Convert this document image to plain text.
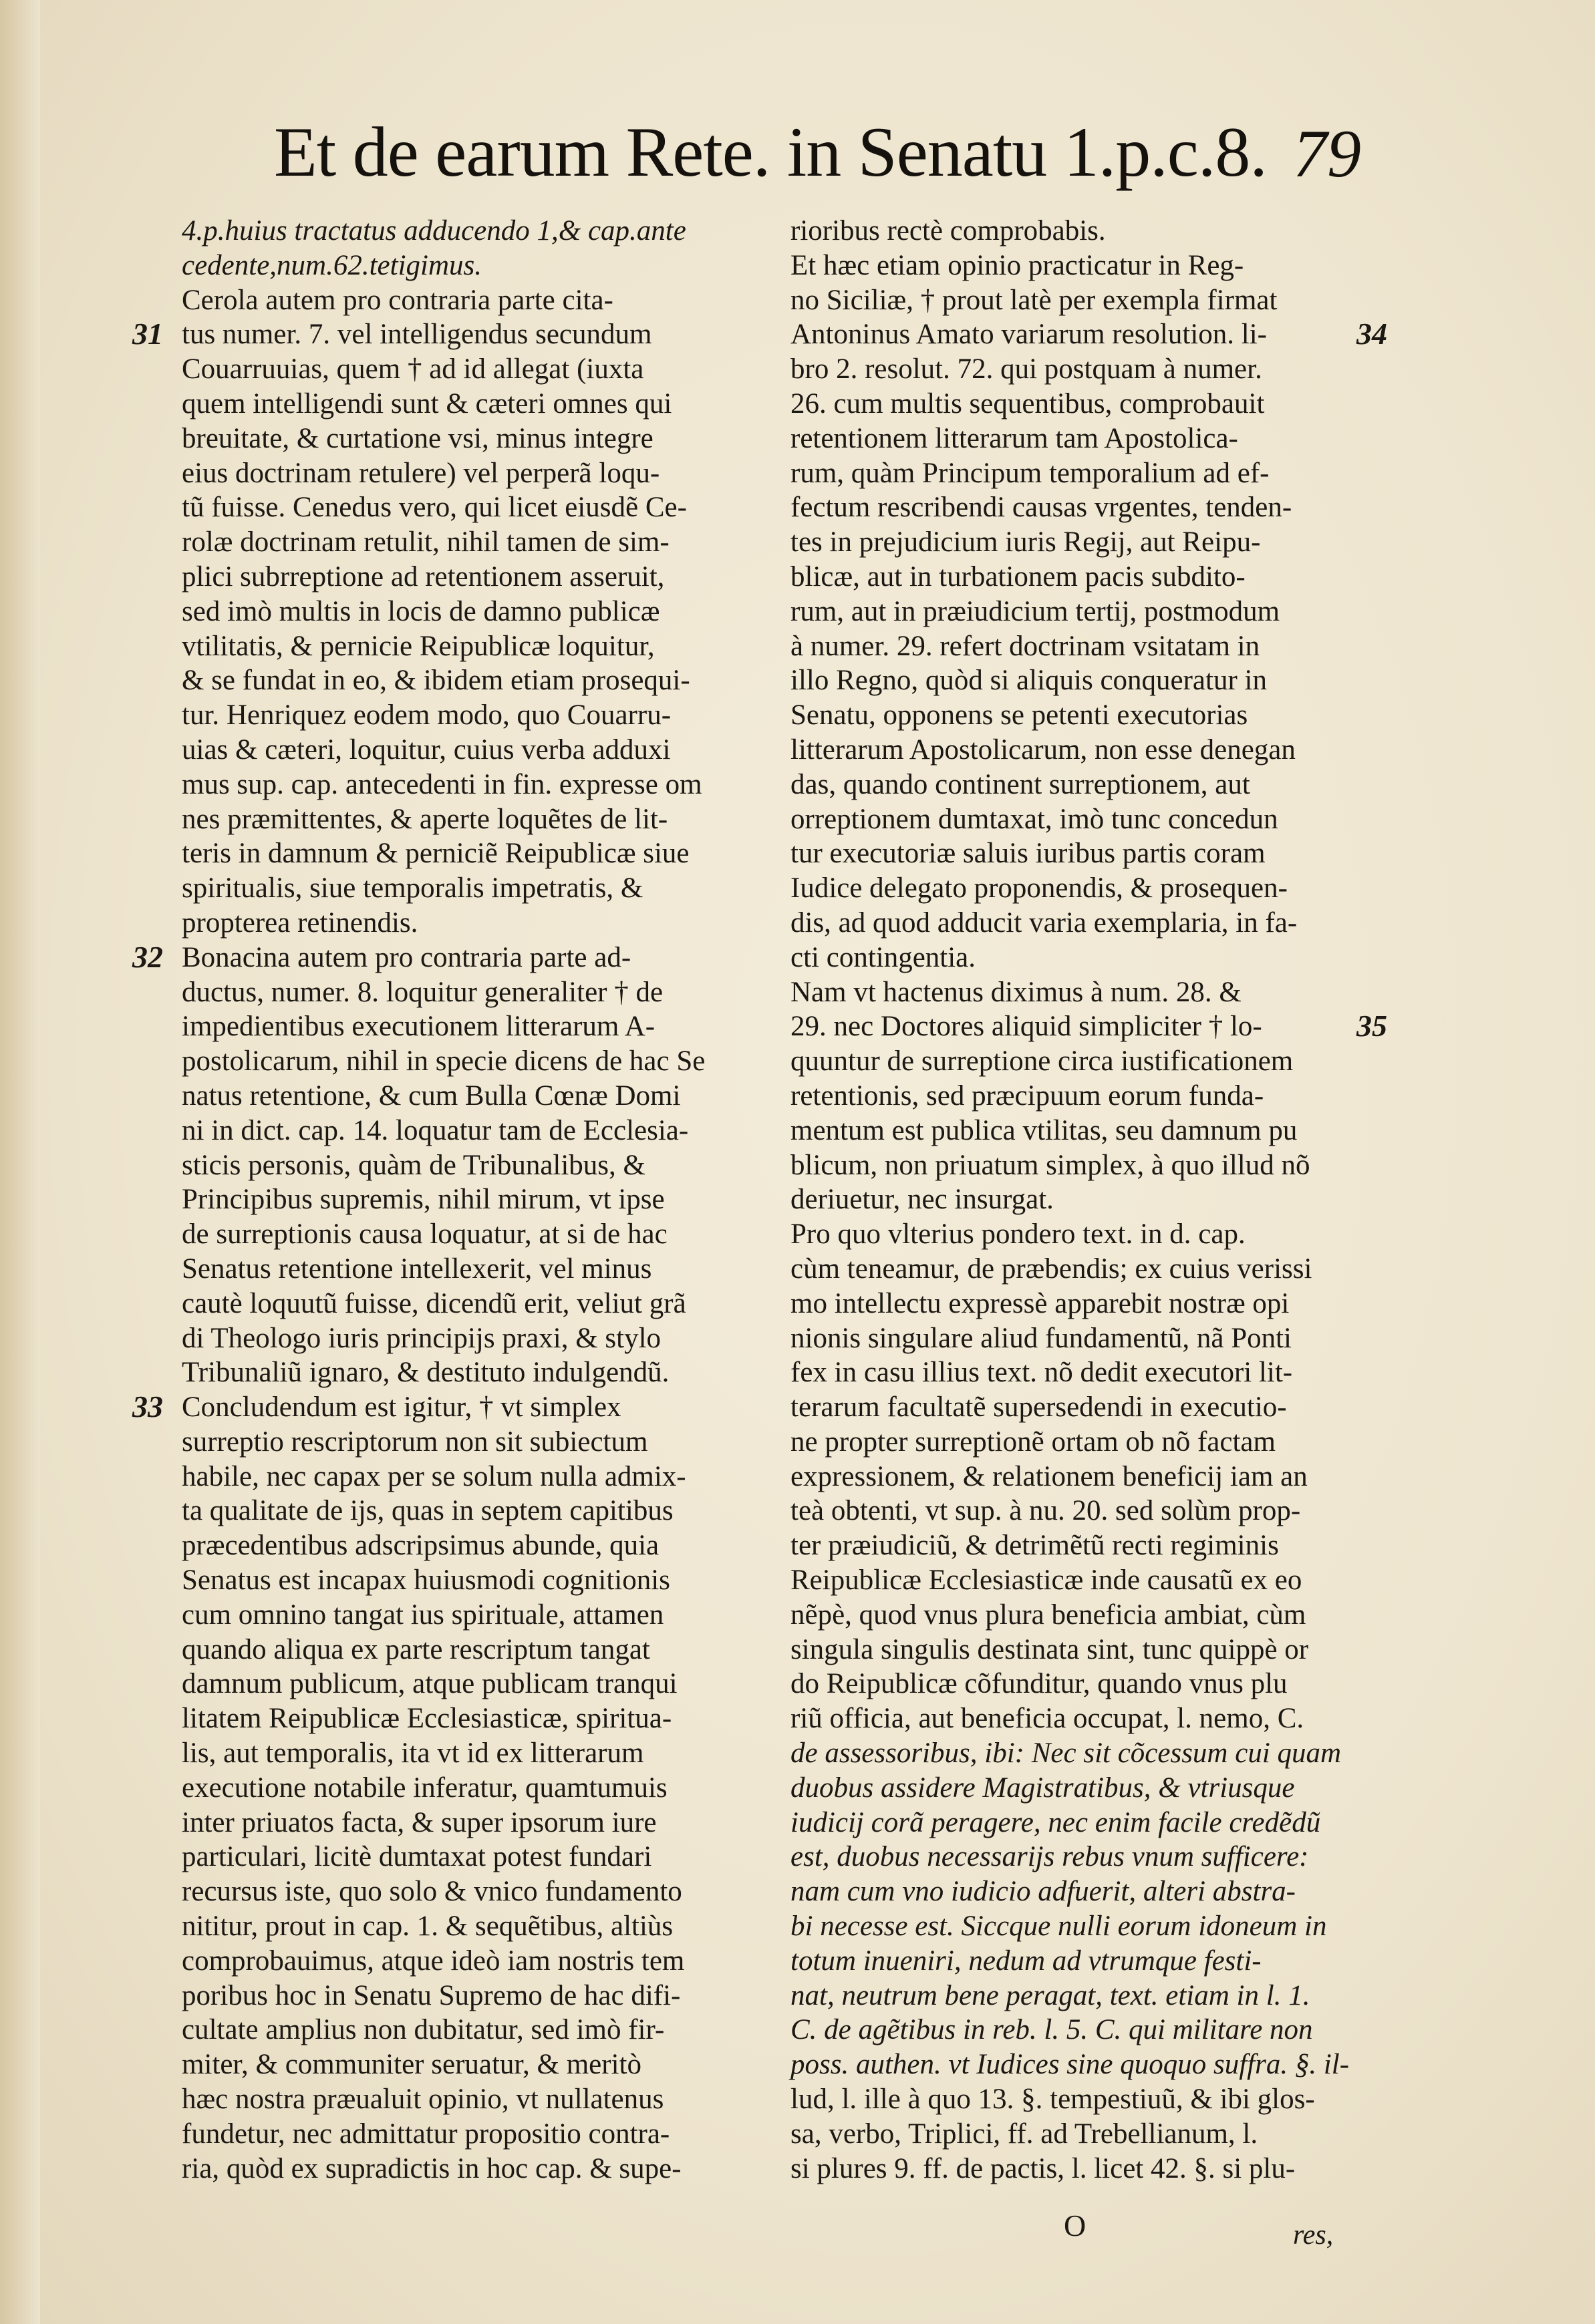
Et de earum Rete. in Senatu 1.p.c.8. 79
4.p.huius tractatus adducendo 1,& cap.ante
cedente,num.62.tetigimus.
Cerola autem pro contraria parte cita-
tus numer. 7. vel intelligendus secundum
Couarruuias, quem † ad id allegat (iuxta
quem intelligendi sunt & cæteri omnes qui
breuitate, & curtatione vsi, minus integre
eius doctrinam retulere) vel perperã loqu-
tũ fuisse. Cenedus vero, qui licet eiusdẽ Ce-
rolæ doctrinam retulit, nihil tamen de sim-
plici subrreptione ad retentionem asseruit,
sed imò multis in locis de damno publicæ
vtilitatis, & pernicie Reipublicæ loquitur,
& se fundat in eo, & ibidem etiam prosequi-
tur. Henriquez eodem modo, quo Couarru-
uias & cæteri, loquitur, cuius verba adduxi
mus sup. cap. antecedenti in fin. expresse om
nes præmittentes, & aperte loquẽtes de lit-
teris in damnum & perniciẽ Reipublicæ siue
spiritualis, siue temporalis impetratis, &
propterea retinendis.
Bonacina autem pro contraria parte ad-
ductus, numer. 8. loquitur generaliter † de
impedientibus executionem litterarum A-
postolicarum, nihil in specie dicens de hac Se
natus retentione, & cum Bulla Cœnæ Domi
ni in dict. cap. 14. loquatur tam de Ecclesia-
sticis personis, quàm de Tribunalibus, &
Principibus supremis, nihil mirum, vt ipse
de surreptionis causa loquatur, at si de hac
Senatus retentione intellexerit, vel minus
cautè loquutũ fuisse, dicendũ erit, veliut grã
di Theologo iuris principijs praxi, & stylo
Tribunaliũ ignaro, & destituto indulgendũ.
Concludendum est igitur, † vt simplex
surreptio rescriptorum non sit subiectum
habile, nec capax per se solum nulla admix-
ta qualitate de ijs, quas in septem capitibus
præcedentibus adscripsimus abunde, quia
Senatus est incapax huiusmodi cognitionis
cum omnino tangat ius spirituale, attamen
quando aliqua ex parte rescriptum tangat
damnum publicum, atque publicam tranqui
litatem Reipublicæ Ecclesiasticæ, spiritua-
lis, aut temporalis, ita vt id ex litterarum
executione notabile inferatur, quamtumuis
inter priuatos facta, & super ipsorum iure
particulari, licitè dumtaxat potest fundari
recursus iste, quo solo & vnico fundamento
nititur, prout in cap. 1. & sequẽtibus, altiùs
comprobauimus, atque ideò iam nostris tem
poribus hoc in Senatu Supremo de hac difi-
cultate amplius non dubitatur, sed imò fir-
miter, & communiter seruatur, & meritò
hæc nostra præualuit opinio, vt nullatenus
fundetur, nec admittatur propositio contra-
ria, quòd ex supradictis in hoc cap. & supe-
rioribus rectè comprobabis.
Et hæc etiam opinio practicatur in Reg-
no Siciliæ, † prout latè per exempla firmat
Antoninus Amato variarum resolution. li-
bro 2. resolut. 72. qui postquam à numer.
26. cum multis sequentibus, comprobauit
retentionem litterarum tam Apostolica-
rum, quàm Principum temporalium ad ef-
fectum rescribendi causas vrgentes, tenden-
tes in prejudicium iuris Regij, aut Reipu-
blicæ, aut in turbationem pacis subdito-
rum, aut in præiudicium tertij, postmodum
à numer. 29. refert doctrinam vsitatam in
illo Regno, quòd si aliquis conqueratur in
Senatu, opponens se petenti executorias
litterarum Apostolicarum, non esse denegan
das, quando continent surreptionem, aut
orreptionem dumtaxat, imò tunc concedun
tur executoriæ saluis iuribus partis coram
Iudice delegato proponendis, & prosequen-
dis, ad quod adducit varia exemplaria, in fa-
cti contingentia.
Nam vt hactenus diximus à num. 28. &
29. nec Doctores aliquid simpliciter † lo-
quuntur de surreptione circa iustificationem
retentionis, sed præcipuum eorum funda-
mentum est publica vtilitas, seu damnum pu
blicum, non priuatum simplex, à quo illud nõ
deriuetur, nec insurgat.
Pro quo vlterius pondero text. in d. cap.
cùm teneamur, de præbendis; ex cuius verissi
mo intellectu expressè apparebit nostræ opi
nionis singulare aliud fundamentũ, nã Ponti
fex in casu illius text. nõ dedit executori lit-
terarum facultatẽ supersedendi in executio-
ne propter surreptionẽ ortam ob nõ factam
expressionem, & relationem beneficij iam an
teà obtenti, vt sup. à nu. 20. sed solùm prop-
ter præiudiciũ, & detrimẽtũ recti regiminis
Reipublicæ Ecclesiasticæ inde causatũ ex eo
nẽpè, quod vnus plura beneficia ambiat, cùm
singula singulis destinata sint, tunc quippè or
do Reipublicæ cõfunditur, quando vnus plu
riũ officia, aut beneficia occupat, l. nemo, C.
de assessoribus, ibi: Nec sit cõcessum cui quam
duobus assidere Magistratibus, & vtriusque
iudicij corã peragere, nec enim facile credẽdũ
est, duobus necessarijs rebus vnum sufficere:
nam cum vno iudicio adfuerit, alteri abstra-
bi necesse est. Siccque nulli eorum idoneum in
totum inueniri, nedum ad vtrumque festi-
nat, neutrum bene peragat, text. etiam in l. 1.
C. de agẽtibus in reb. l. 5. C. qui militare non
poss. authen. vt Iudices sine quoquo suffra. §. il-
lud, l. ille à quo 13. §. tempestiuũ, & ibi glos-
sa, verbo, Triplici, ff. ad Trebellianum, l.
si plures 9. ff. de pactis, l. licet 42. §. si plu-
31
32
33
34
35
O	res,
